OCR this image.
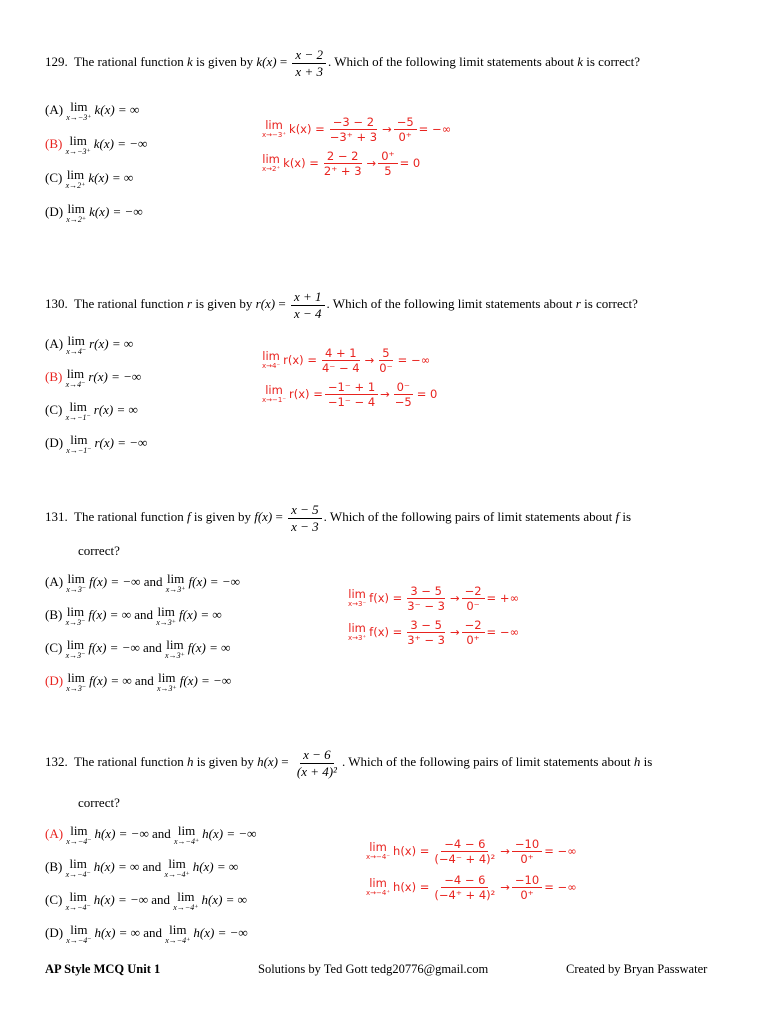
129. The rational function k is given by $k(x) = \frac{x - 2}{x + 3}$ . Which of the following limit statements about k is correct?
(A) lim
x→−3⁺
k(x) = ∞
(B) lim
x→−3⁺
k(x) = −∞
(C) lim
x→2⁺
k(x) = ∞
(D) lim
x→2⁺
k(x) = −∞
lim
x→−3⁺ $k(x) = \frac{-3 - 2}{-3^+ + 3} \to \frac{-5}{0^+}$ = −∞
lim
x→2⁺ $k(x) = \frac{2 - 2}{2^+ + 3} \to \frac{0^+}{5} = 0$
130. The rational function r is given by $r(x) = \frac{x + 1}{x - 4}$ . Which of the following limit statements about r is correct?
(A) lim
x→4⁻
r(x) = ∞
(B) lim
x→4⁻
r(x) = −∞
(C) lim
x→−1⁻
r(x) = ∞
(D) lim
x→−1⁻
r(x) = −∞
lim
x→4⁻ $r(x) = \frac{4 + 1}{4^- - 4} \to \frac{5}{0^-}$ = −∞
lim
x→−1⁻ $r(x) = \frac{-1^- + 1}{-1^- - 4} \to \frac{0^-}{-5} = 0$
131. The rational function f is given by $f(x) = \frac{x - 5}{x - 3}$ . Which of the following pairs of limit statements about f is
correct?
(A) lim
x→3⁻
f(x) = −∞ and lim
x→3⁺
f(x) = −∞
(B) lim
x→3⁻
f(x) = ∞ and lim
x→3⁺
f(x) = ∞
(C) lim
x→3⁻
f(x) = −∞ and lim
x→3⁺
f(x) = ∞
(D) lim
x→3⁻
f(x) = ∞ and lim
x→3⁺
f(x) = −∞
lim
x→3⁻ $f(x) = \frac{3 - 5}{3^- - 3} \to \frac{-2}{0^-}$ = +∞
lim
x→3⁺ $f(x) = \frac{3 - 5}{3^+ - 3} \to \frac{-2}{0^+}$ = −∞
132. The rational function h is given by $h(x) = \frac{x - 6}{\text{(x + 4)²}}$ . Which of the following pairs of limit statements about h is
correct?
(A) lim
x→−4⁻
h(x) = −∞ and lim
x→−4⁺
h(x) = −∞
(B) lim
x→−4⁻
h(x) = ∞ and lim
x→−4⁺
h(x) = ∞
(C) lim
x→−4⁻
h(x) = −∞ and lim
x→−4⁺
h(x) = ∞
(D) lim
x→−4⁻
h(x) = ∞ and lim
x→−4⁺
h(x) = −∞
lim
x→−4⁻ $h(x) = \frac{-4 - 6}{\text{(−4⁻ + 4)²}} \to \frac{-10}{0^+}$ = −∞
lim
x→−4⁺ $h(x) = \frac{-4 - 6}{\text{(−4⁺ + 4)²}} \to \frac{-10}{0^+}$ = −∞
AP Style MCQ Unit 1	Solutions by Ted Gott tedg20776@gmail.com	Created by Bryan Passwater
